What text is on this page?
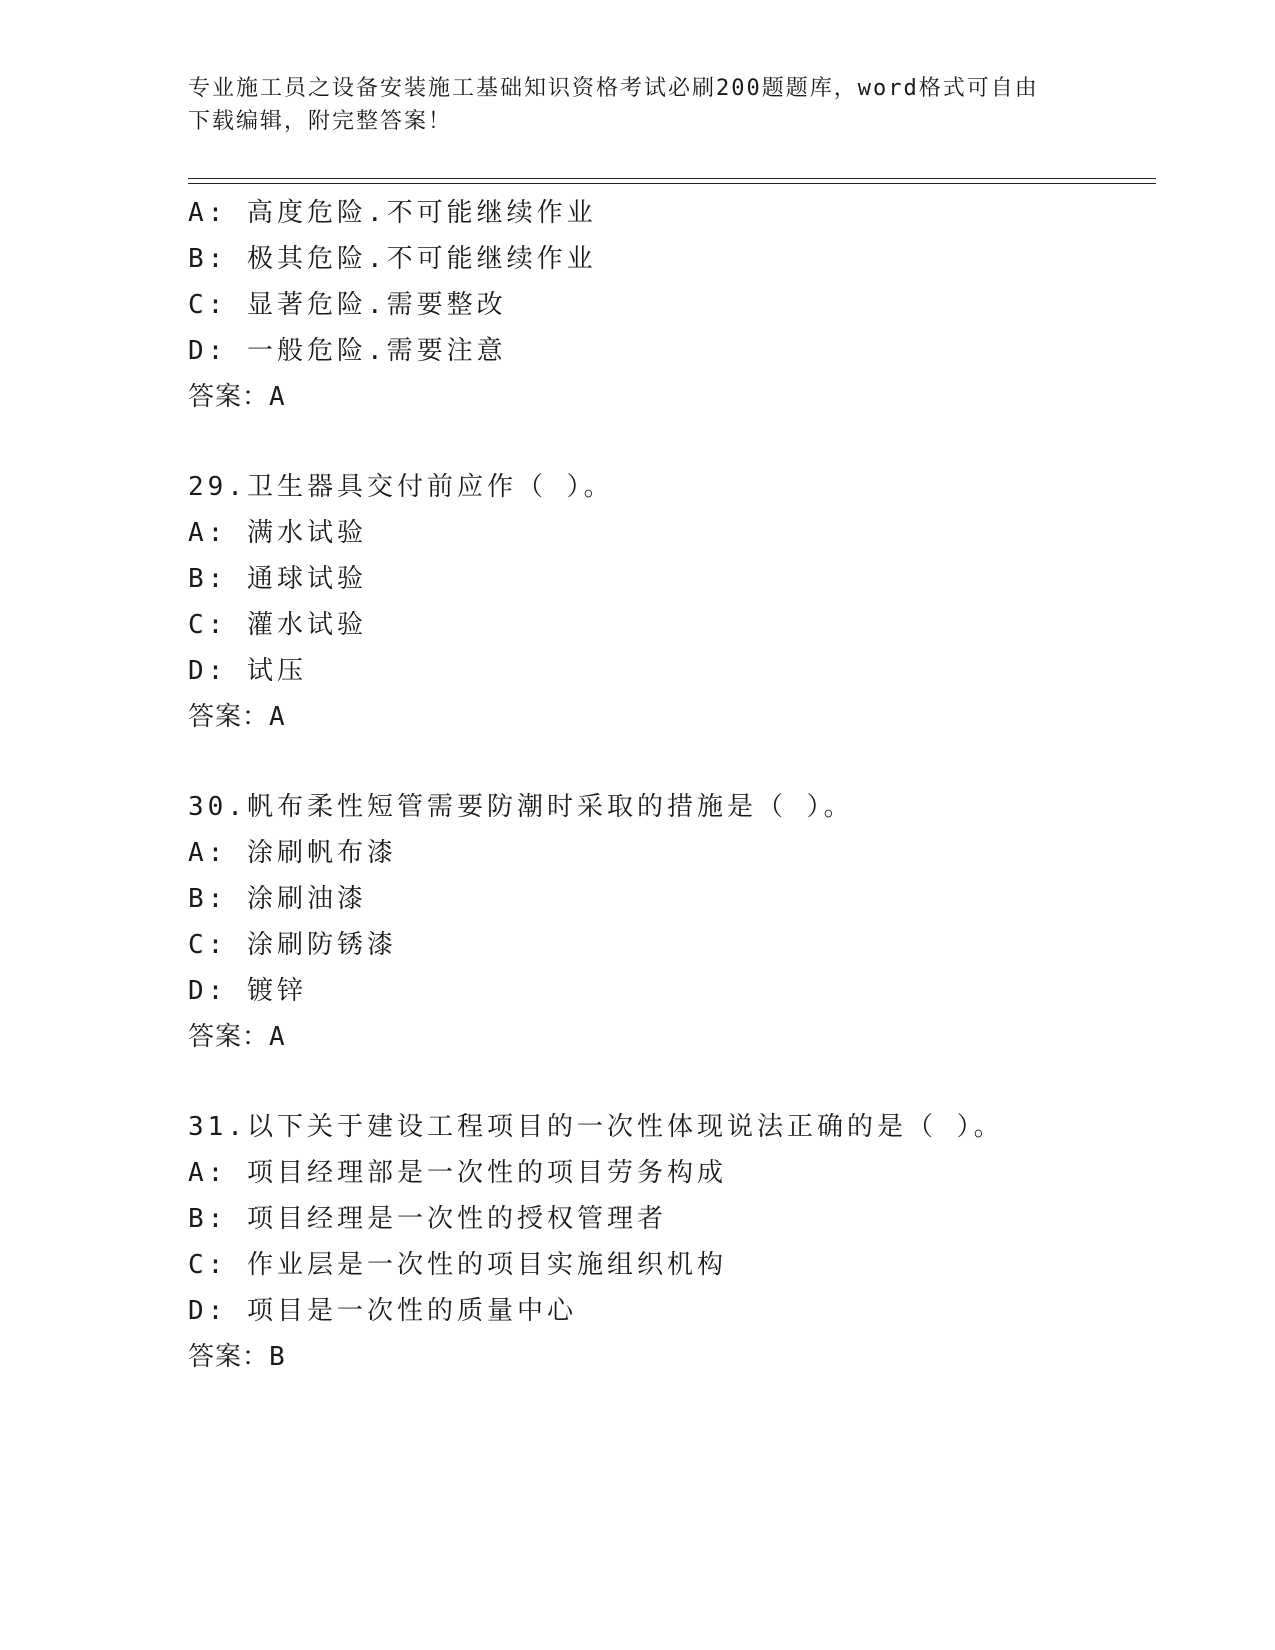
专业施工员之设备安装施工基础知识资格考试必刷200题题库，word格式可自由
下载编辑，附完整答案！
A: 高度危险.不可能继续作业
B: 极其危险.不可能继续作业
C: 显著危险.需要整改
D: 一般危险.需要注意
答案：A
29.卫生器具交付前应作（ ）。
A: 满水试验
B: 通球试验
C: 灌水试验
D: 试压
答案：A
30.帆布柔性短管需要防潮时采取的措施是（ ）。
A: 涂刷帆布漆
B: 涂刷油漆
C: 涂刷防锈漆
D: 镀锌
答案：A
31.以下关于建设工程项目的一次性体现说法正确的是（ ）。
A: 项目经理部是一次性的项目劳务构成
B: 项目经理是一次性的授权管理者
C: 作业层是一次性的项目实施组织机构
D: 项目是一次性的质量中心
答案：B
